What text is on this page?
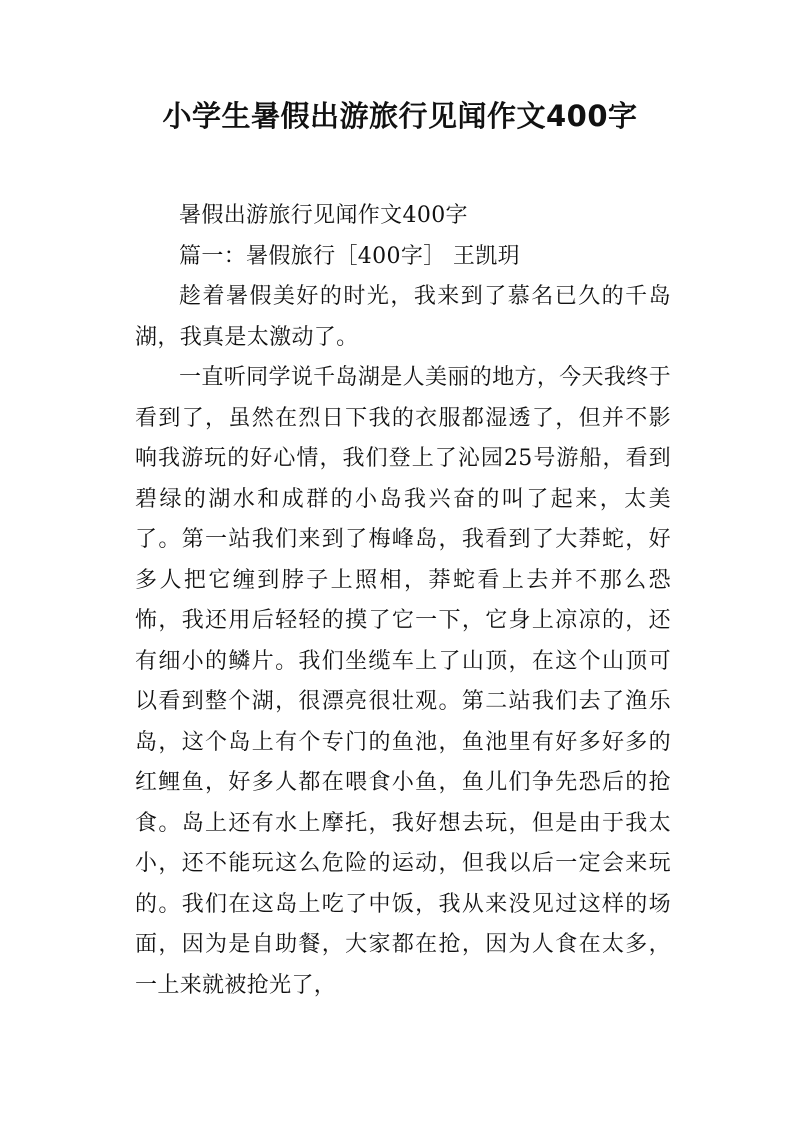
小学生暑假出游旅行见闻作文400字

暑假出游旅行见闻作文400字

篇一：暑假旅行［400字］ 王凯玥

趁着暑假美好的时光，我来到了慕名已久的千岛湖，我真是太激动了。

一直听同学说千岛湖是人美丽的地方，今天我终于看到了，虽然在烈日下我的衣服都湿透了，但并不影响我游玩的好心情，我们登上了沁园25号游船，看到碧绿的湖水和成群的小岛我兴奋的叫了起来，太美了。第一站我们来到了梅峰岛，我看到了大莽蛇，好多人把它缠到脖子上照相，莽蛇看上去并不那么恐怖，我还用后轻轻的摸了它一下，它身上凉凉的，还有细小的鳞片。我们坐缆车上了山顶，在这个山顶可以看到整个湖，很漂亮很壮观。第二站我们去了渔乐岛，这个岛上有个专门的鱼池，鱼池里有好多好多的红鲤鱼，好多人都在喂食小鱼，鱼儿们争先恐后的抢食。岛上还有水上摩托，我好想去玩，但是由于我太小，还不能玩这么危险的运动，但我以后一定会来玩的。我们在这岛上吃了中饭，我从来没见过这样的场面，因为是自助餐，大家都在抢，因为人食在太多，一上来就被抢光了，
